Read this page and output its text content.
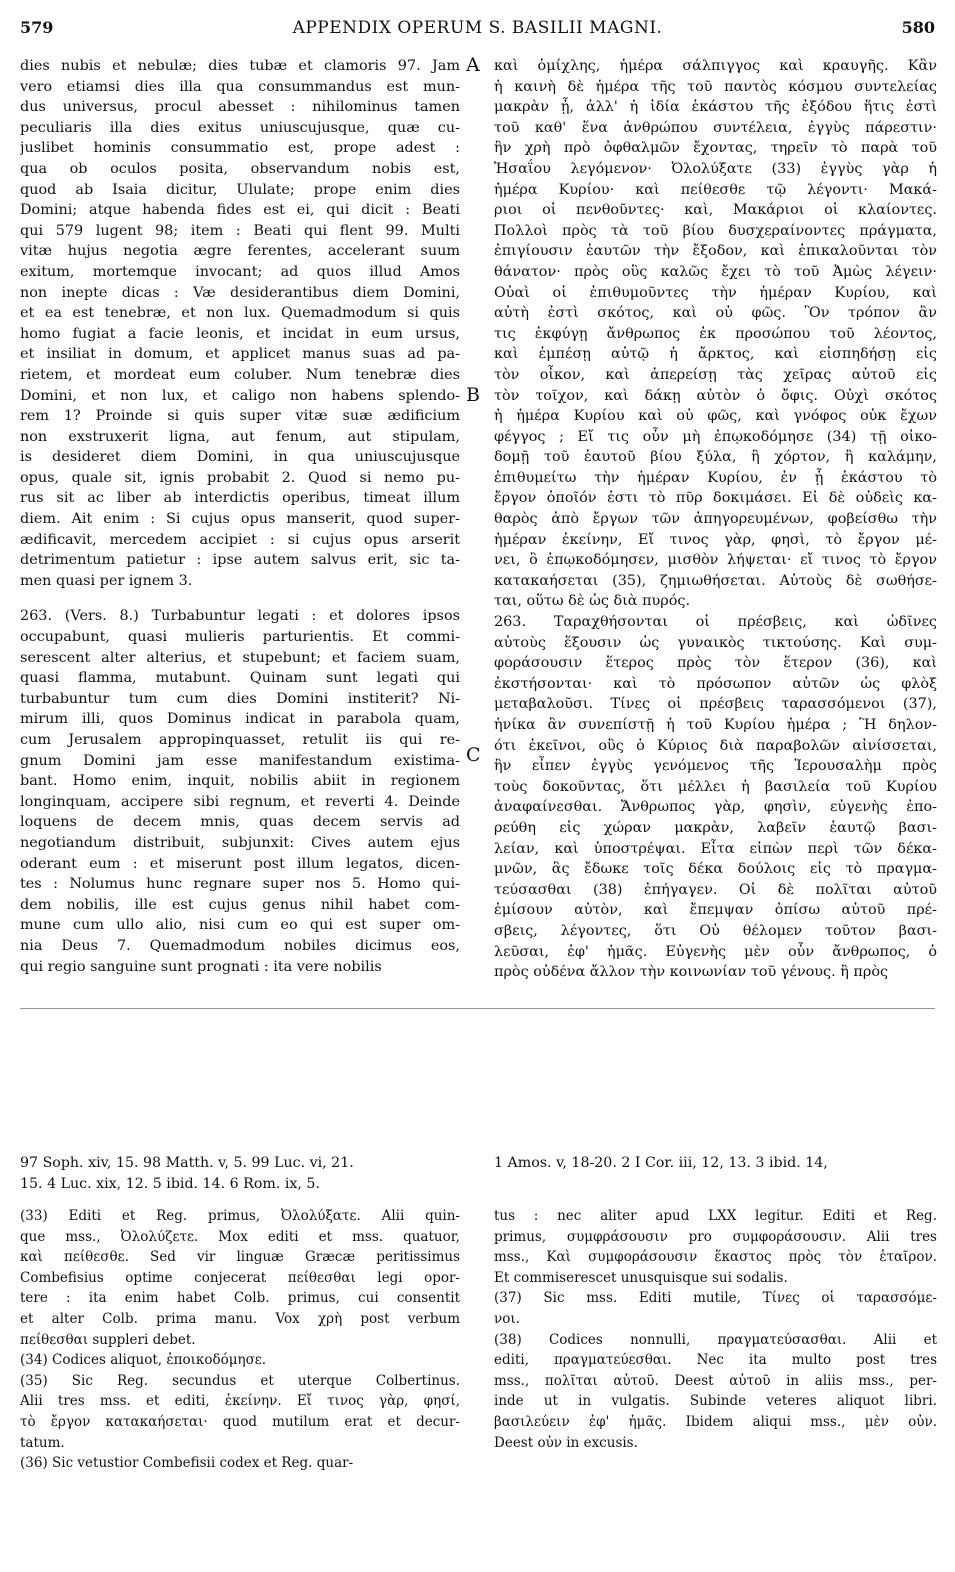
579	APPENDIX OPERUM S. BASILII MAGNI.	580
A
B
C
dies nubis et nebulæ; dies tubæ et clamoris 97. Jam
vero etiamsi dies illa qua consummandus est mun-
dus universus, procul abesset : nihilominus tamen
peculiaris illa dies exitus uniuscujusque, quæ cu-
juslibet hominis consummatio est, prope adest :
qua ob oculos posita, observandum nobis est,
quod ab Isaia dicitur, Ululate; prope enim dies
Domini; atque habenda fides est ei, qui dicit : Beati
qui 579 lugent 98; item : Beati qui flent 99. Multi
vitæ hujus negotia ægre ferentes, accelerant suum
exitum, mortemque invocant; ad quos illud Amos
non inepte dicas : Væ desiderantibus diem Domini,
et ea est tenebræ, et non lux. Quemadmodum si quis
homo fugiat a facie leonis, et incidat in eum ursus,
et insiliat in domum, et applicet manus suas ad pa-
rietem, et mordeat eum coluber. Num tenebræ dies
Domini, et non lux, et caligo non habens splendo-
rem 1? Proinde si quis super vitæ suæ ædificium
non exstruxerit ligna, aut fenum, aut stipulam,
is desideret diem Domini, in qua uniuscujusque
opus, quale sit, ignis probabit 2. Quod si nemo pu-
rus sit ac liber ab interdictis operibus, timeat illum
diem. Ait enim : Si cujus opus manserit, quod super-
ædificavit, mercedem accipiet : si cujus opus arserit
detrimentum patietur : ipse autem salvus erit, sic ta-
men quasi per ignem 3.
263. (Vers. 8.) Turbabuntur legati : et dolores ipsos
occupabunt, quasi mulieris parturientis. Et commi-
serescent alter alterius, et stupebunt; et faciem suam,
quasi flamma, mutabunt. Quinam sunt legati qui
turbabuntur tum cum dies Domini institerit? Ni-
mirum illi, quos Dominus indicat in parabola quam,
cum Jerusalem appropinquasset, retulit iis qui re-
gnum Domini jam esse manifestandum existima-
bant. Homo enim, inquit, nobilis abiit in regionem
longinquam, accipere sibi regnum, et reverti 4. Deinde
loquens de decem mnis, quas decem servis ad
negotiandum distribuit, subjunxit: Cives autem ejus
oderant eum : et miserunt post illum legatos, dicen-
tes : Nolumus hunc regnare super nos 5. Homo qui-
dem nobilis, ille est cujus genus nihil habet com-
mune cum ullo alio, nisi cum eo qui est super om-
nia Deus 7. Quemadmodum nobiles dicimus eos,
qui regio sanguine sunt prognati : ita vere nobilis
καὶ ὁμίχλης, ἡμέρα σάλπιγγος καὶ κραυγῆς. Κἂν
ἡ καινὴ δὲ ἡμέρα τῆς τοῦ παντὸς κόσμου συντελείας
μακρὰν ᾖ, ἀλλ' ἡ ἰδία ἑκάστου τῆς ἐξόδου ἥτις ἐστὶ
τοῦ καθ' ἕνα ἀνθρώπου συντέλεια, ἐγγὺς πάρεστιν·
ἣν χρὴ πρὸ ὀφθαλμῶν ἔχοντας, τηρεῖν τὸ παρὰ τοῦ
Ἡσαΐου λεγόμενον· Ὀλολύξατε (33) ἐγγὺς γὰρ ἡ
ἡμέρα Κυρίου· καὶ πείθεσθε τῷ λέγοντι· Μακά-
ριοι οἱ πενθοῦντες· καὶ, Μακάριοι οἱ κλαίοντες.
Πολλοὶ πρὸς τὰ τοῦ βίου δυσχεραίνοντες πράγματα,
ἐπιγίουσιν ἑαυτῶν τὴν ἔξοδον, καὶ ἐπικαλοῦνται τὸν
θάνατον· πρὸς οὓς καλῶς ἔχει τὸ τοῦ Ἀμὼς λέγειν·
Οὐαὶ οἱ ἐπιθυμοῦντες τὴν ἡμέραν Κυρίου, καὶ
αὐτὴ ἐστὶ σκότος, καὶ οὐ φῶς. Ὃν τρόπον ἂν
τις ἐκφύγῃ ἄνθρωπος ἐκ προσώπου τοῦ λέοντος,
καὶ ἐμπέσῃ αὐτῷ ἡ ἄρκτος, καὶ εἰσπηδήσῃ εἰς
τὸν οἶκον, καὶ ἀπερείσῃ τὰς χεῖρας αὐτοῦ εἰς
τὸν τοῖχον, καὶ δάκῃ αὐτὸν ὁ ὄφις. Οὐχὶ σκότος
ἡ ἡμέρα Κυρίου καὶ οὐ φῶς, καὶ γνόφος οὐκ ἔχων
φέγγος ; Εἴ τις οὖν μὴ ἐπῳκοδόμησε (34) τῇ οἰκο-
δομῇ τοῦ ἑαυτοῦ βίου ξύλα, ἢ χόρτον, ἢ καλάμην,
ἐπιθυμείτω τὴν ἡμέραν Κυρίου, ἐν ᾗ ἑκάστου τὸ
ἔργον ὁποῖόν ἐστι τὸ πῦρ δοκιμάσει. Εἰ δὲ οὐδεὶς κα-
θαρὸς ἀπὸ ἔργων τῶν ἀπηγορευμένων, φοβείσθω τὴν
ἡμέραν ἐκείνην, Εἴ τινος γὰρ, φησὶ, τὸ ἔργον μέ-
νει, ὃ ἐπῳκοδόμησεν, μισθὸν λήψεται· εἴ τινος τὸ ἔργον
κατακαήσεται (35), ζημιωθήσεται. Αὐτοὺς δὲ σωθήσε-
ται, οὕτω δὲ ὡς διὰ πυρός.
263. Ταραχθήσονται οἱ πρέσβεις, καὶ ὠδῖνες
αὐτοὺς ἕξουσιν ὡς γυναικὸς τικτούσης. Καὶ συμ-
φοράσουσιν ἕτερος πρὸς τὸν ἕτερον (36), καὶ
ἐκστήσονται· καὶ τὸ πρόσωπον αὐτῶν ὡς φλὸξ
μεταβαλοῦσι. Τίνες οἱ πρέσβεις ταρασσόμενοι (37),
ἡνίκα ἂν συνεπίστῇ ἡ τοῦ Κυρίου ἡμέρα ; Ἢ δηλον-
ότι ἐκεῖνοι, οὓς ὁ Κύριος διὰ παραβολῶν αἰνίσσεται,
ἣν εἶπεν ἐγγὺς γενόμενος τῆς Ἱερουσαλὴμ πρὸς
τοὺς δοκοῦντας, ὅτι μέλλει ἡ βασιλεία τοῦ Κυρίου
ἀναφαίνεσθαι. Ἄνθρωπος γὰρ, φησὶν, εὐγενὴς ἐπο-
ρεύθη εἰς χώραν μακρὰν, λαβεῖν ἑαυτῷ βασι-
λείαν, καὶ ὑποστρέψαι. Εἶτα εἰπὼν περὶ τῶν δέκα-
μνῶν, ἃς ἔδωκε τοῖς δέκα δούλοις εἰς τὸ πραγμα-
τεύσασθαι (38) ἐπήγαγεν. Οἱ δὲ πολῖται αὐτοῦ
ἐμίσουν αὐτὸν, καὶ ἔπεμψαν ὀπίσω αὐτοῦ πρέ-
σβεις, λέγοντες, ὅτι Οὐ θέλομεν τοῦτον βασι-
λεῦσαι, ἐφ' ἡμᾶς. Εὐγενὴς μὲν οὖν ἄνθρωπος, ὁ
πρὸς οὐδένα ἄλλον τὴν κοινωνίαν τοῦ γένους. ἢ πρὸς
97 Soph. xiv, 15. 98 Matth. v, 5. 99 Luc. vi, 21.
15. 4 Luc. xix, 12. 5 ibid. 14. 6 Rom. ix, 5.
1 Amos. v, 18-20. 2 I Cor. iii, 12, 13. 3 ibid. 14,
(33) Editi et Reg. primus, Ὀλολύξατε. Alii quin-
que mss., Ὀλολύζετε. Mox editi et mss. quatuor,
καὶ πείθεσθε. Sed vir linguæ Græcæ peritissimus
Combefisius optime conjecerat πείθεσθαι legi opor-
tere : ita enim habet Colb. primus, cui consentit
et alter Colb. prima manu. Vox χρὴ post verbum
πείθεσθαι suppleri debet.
(34) Codices aliquot, ἐποικοδόμησε.
(35) Sic Reg. secundus et uterque Colbertinus.
Alii tres mss. et editi, ἐκείνην. Εἴ τινος γὰρ, φησί,
τὸ ἔργον κατακαήσεται· quod mutilum erat et decur-
tatum.
(36) Sic vetustior Combefisii codex et Reg. quar-
tus : nec aliter apud LXX legitur. Editi et Reg.
primus, συμφράσουσιν pro συμφοράσουσιν. Alii tres
mss., Καὶ συμφοράσουσιν ἕκαστος πρὸς τὸν ἑταῖρον.
Et commiserescet unusquisque sui sodalis.
(37) Sic mss. Editi mutile, Τίνες οἱ ταρασσόμε-
νοι.
(38) Codices nonnulli, πραγματεύσασθαι. Alii et
editi, πραγματεύεσθαι. Nec ita multo post tres
mss., πολῖται αὐτοῦ. Deest αὐτοῦ in aliis mss., per-
inde ut in vulgatis. Subinde veteres aliquot libri.
βασιλεύειν ἐφ' ἡμᾶς. Ibidem aliqui mss., μὲν οὖν.
Deest οὖν in excusis.
